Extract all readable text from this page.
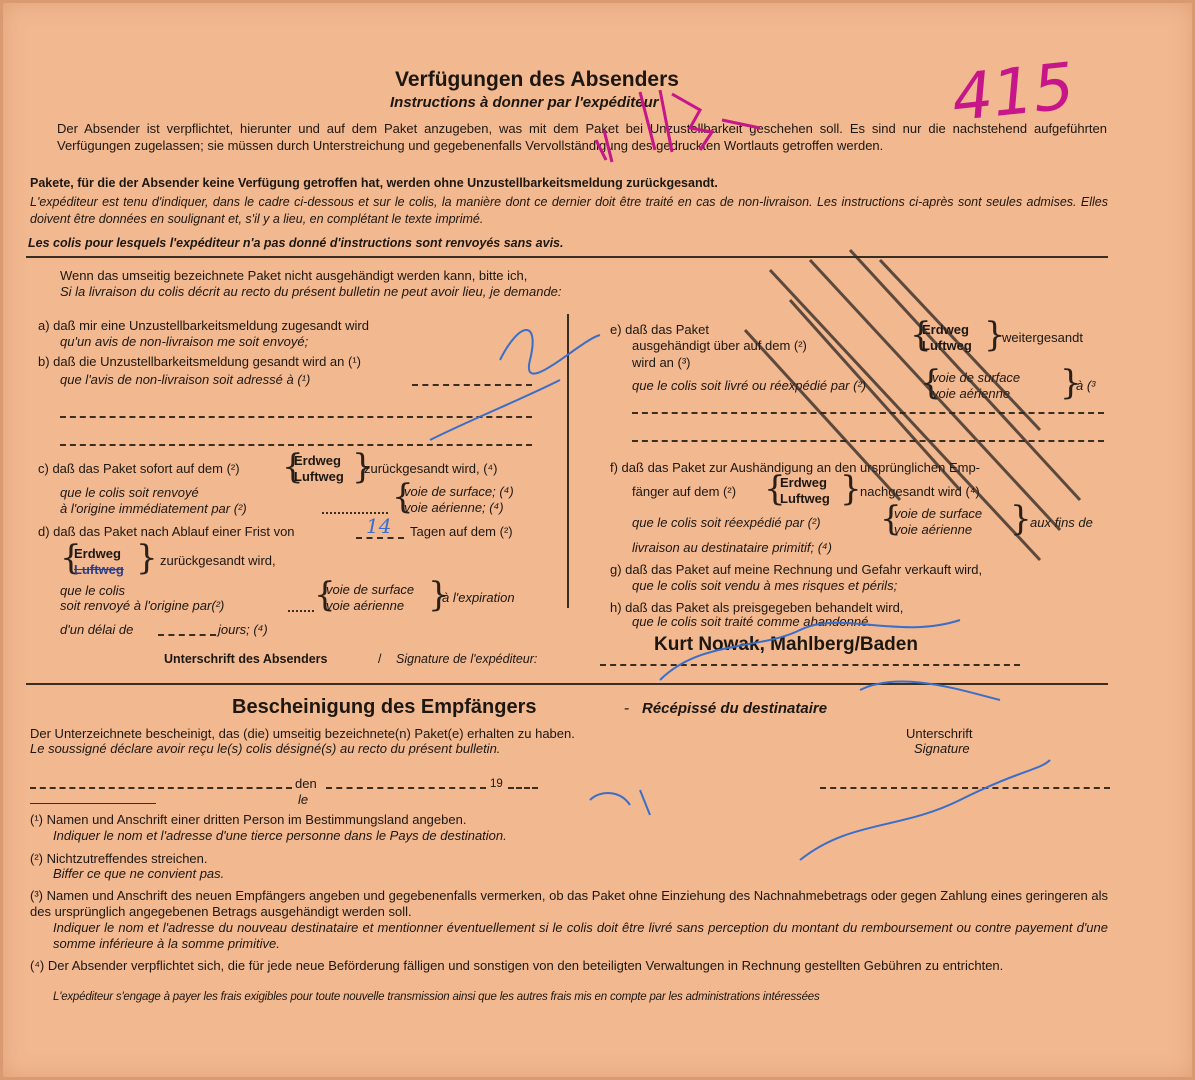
Verfügungen des Absenders
Instructions à donner par l'expéditeur
Der Absender ist verpflichtet, hierunter und auf dem Paket anzugeben, was mit dem Paket bei Unzustellbarkeit geschehen soll. Es sind nur die nachstehend aufgeführten Verfügungen zugelassen; sie müssen durch Unterstreichung und gegebenenfalls Vervollständigung des gedruckten Wortlauts getroffen werden.
Pakete, für die der Absender keine Verfügung getroffen hat, werden ohne Unzustellbarkeitsmeldung zurückgesandt.
L'expéditeur est tenu d'indiquer, dans le cadre ci-dessous et sur le colis, la manière dont ce dernier doit être traité en cas de non-livraison. Les instructions ci-après sont seules admises. Elles doivent être données en soulignant et, s'il y a lieu, en complétant le texte imprimé.
Les colis pour lesquels l'expéditeur n'a pas donné d'instructions sont renvoyés sans avis.
Wenn das umseitig bezeichnete Paket nicht ausgehändigt werden kann, bitte ich,
Si la livraison du colis décrit au recto du présent bulletin ne peut avoir lieu, je demande:
a) daß mir eine Unzustellbarkeitsmeldung zugesandt wird
qu'un avis de non-livraison me soit envoyé;
b) daß die Unzustellbarkeitsmeldung gesandt wird an (¹)
que l'avis de non-livraison soit adressé à (¹)
c) daß das Paket sofort auf dem (²) {
Erdweg
Luftweg }
zurückgesandt wird, (⁴)
que le colis soit renvoyé
à l'origine immédiatement par (²)	{
voie de surface; (⁴)
voie aérienne; (⁴)
d) daß das Paket nach Ablauf einer Frist von	14 Tagen auf dem (²)
{
Erdweg
Luftweg } zurückgesandt wird,
que le colis
soit renvoyé à l'origine par(²)	{
voie de surface
voie aérienne }
à l'expiration
d'un délai de	jours; (⁴)
e) daß das Paket
ausgehändigt über auf dem (²)
wird an (³)
{
Erdweg
Luftweg }
weitergesandt
que le colis soit livré ou réexpédié par (²) {
voie de surface
voie aérienne }
à (³
f) daß das Paket zur Aushändigung an den ursprünglichen Emp-
fänger auf dem (²) {
Erdweg
Luftweg }
nachgesandt wird (⁴)
que le colis soit réexpédié par (²) {
voie de surface
voie aérienne }
aux fins de
livraison au destinataire primitif; (⁴)
g) daß das Paket auf meine Rechnung und Gefahr verkauft wird,
que le colis soit vendu à mes risques et périls;
h) daß das Paket als preisgegeben behandelt wird,
que le colis soit traité comme abandonné.
Kurt Nowak, Mahlberg/Baden
Unterschrift des Absenders	/ Signature de l'expéditeur:
Bescheinigung des Empfängers	- Récépissé du destinataire
Der Unterzeichnete bescheinigt, das (die) umseitig bezeichnete(n) Paket(e) erhalten zu haben.
Le soussigné déclare avoir reçu le(s) colis désigné(s) au recto du présent bulletin.
Unterschrift
Signature
den
le
19
(¹) Namen und Anschrift einer dritten Person im Bestimmungsland angeben.
Indiquer le nom et l'adresse d'une tierce personne dans le Pays de destination.
(²) Nichtzutreffendes streichen.
Biffer ce que ne convient pas.
(³) Namen und Anschrift des neuen Empfängers angeben und gegebenenfalls vermerken, ob das Paket ohne Einziehung des Nachnahmebetrags oder gegen Zahlung eines geringeren als des ursprünglich angegebenen Betrags ausgehändigt werden soll.
Indiquer le nom et l'adresse du nouveau destinataire et mentionner éventuellement si le colis doit être livré sans perception du montant du remboursement ou contre payement d'une somme inférieure à la somme primitive.
(⁴) Der Absender verpflichtet sich, die für jede neue Beförderung fälligen und sonstigen von den beteiligten Verwaltungen in Rechnung gestellten Gebühren zu entrichten.
L'expéditeur s'engage à payer les frais exigibles pour toute nouvelle transmission ainsi que les autres frais mis en compte par les administrations intéressées
415
